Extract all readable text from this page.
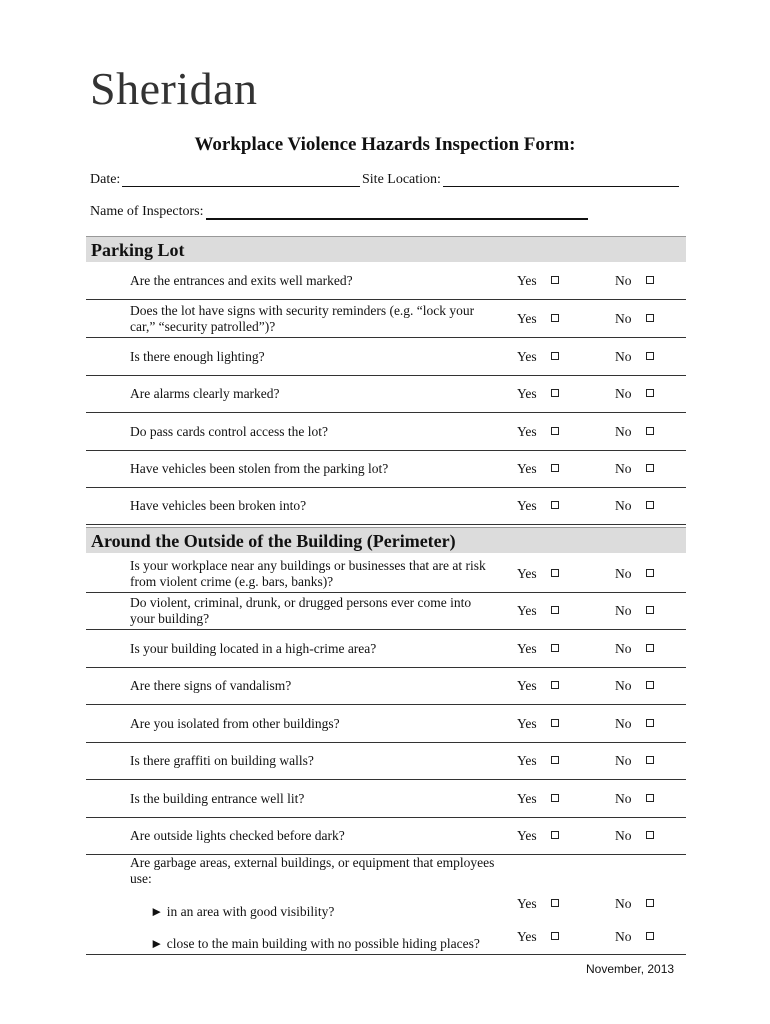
Sheridan
Workplace Violence Hazards Inspection Form:
Date:	Site Location:
Name of Inspectors:
Parking Lot
Are the entrances and exits well marked?	Yes	No
Does the lot have signs with security reminders (e.g. “lock your car,” “security patrolled”)?
Yes	No
Is there enough lighting?	Yes	No
Are alarms clearly marked?	Yes	No
Do pass cards control access the lot?	Yes	No
Have vehicles been stolen from the parking lot?	Yes	No
Have vehicles been broken into?	Yes	No
Around the Outside of the Building (Perimeter)
Is your workplace near any buildings or businesses that are at risk from violent crime (e.g. bars, banks)?
Yes	No
Do violent, criminal, drunk, or drugged persons ever come into your building?
Yes	No
Is your building located in a high-crime area?	Yes	No
Are there signs of vandalism?	Yes	No
Are you isolated from other buildings?	Yes	No
Is there graffiti on building walls?	Yes	No
Is the building entrance well lit?	Yes	No
Are outside lights checked before dark?	Yes	No
Are garbage areas, external buildings, or equipment that employees use:
► in an area with good visibility?
Yes	No
► close to the main building with no possible hiding places?	Yes	No
November, 2013
